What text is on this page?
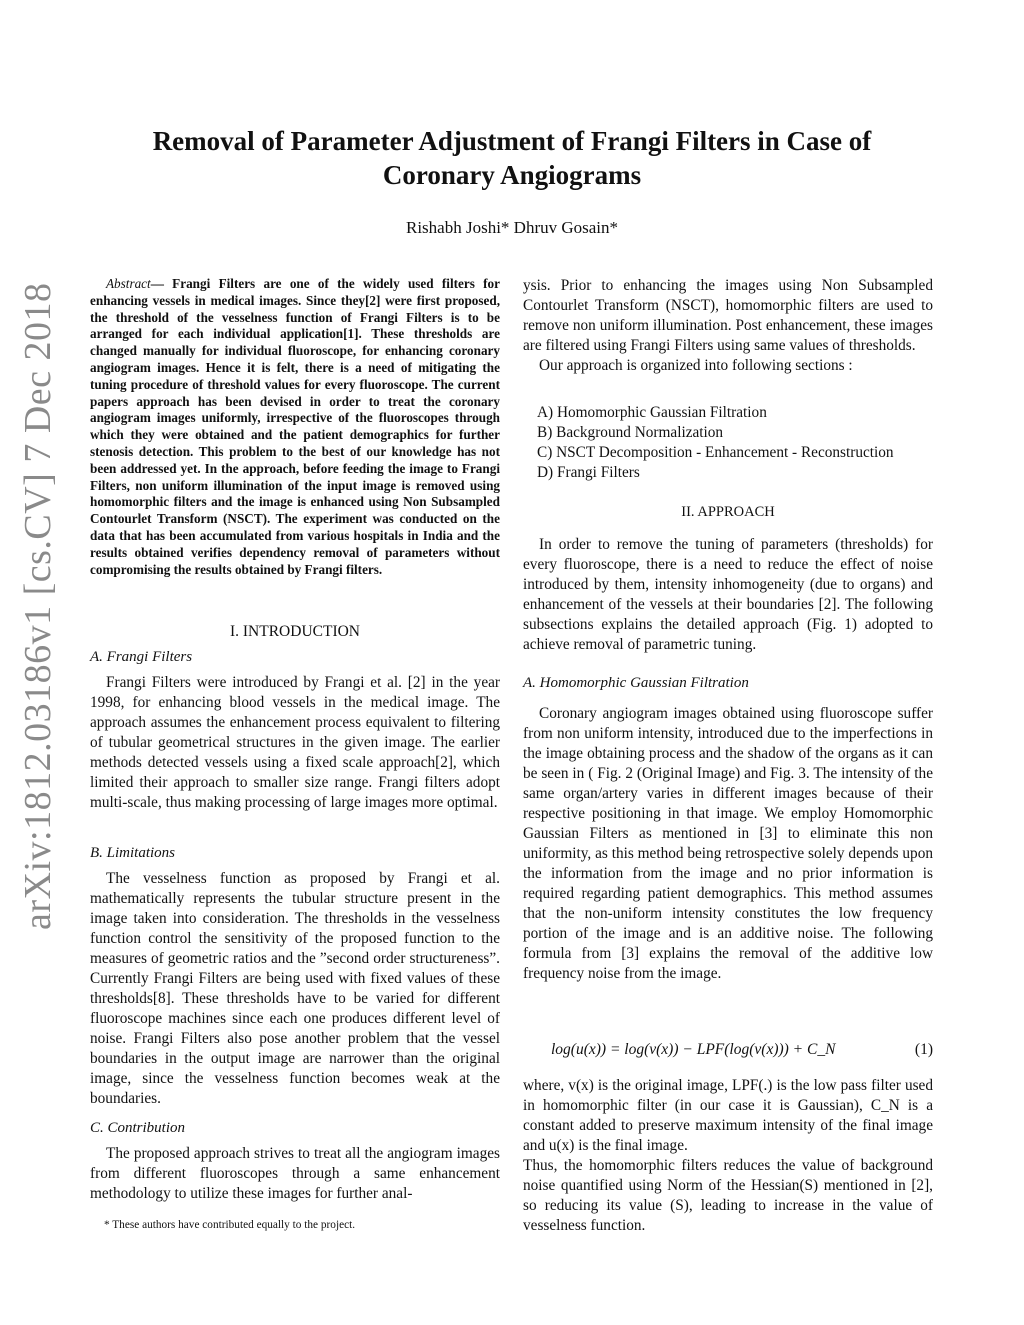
arXiv:1812.03186v1 [cs.CV] 7 Dec 2018
Removal of Parameter Adjustment of Frangi Filters in Case of
Coronary Angiograms
Rishabh Joshi* Dhruv Gosain*
Abstract— Frangi Filters are one of the widely used filters for enhancing vessels in medical images. Since they[2] were first proposed, the threshold of the vesselness function of Frangi Filters is to be arranged for each individual application[1]. These thresholds are changed manually for individual fluoroscope, for enhancing coronary angiogram images. Hence it is felt, there is a need of mitigating the tuning procedure of threshold values for every fluoroscope. The current papers approach has been devised in order to treat the coronary angiogram images uniformly, irrespective of the fluoroscopes through which they were obtained and the patient demographics for further stenosis detection. This problem to the best of our knowledge has not been addressed yet. In the approach, before feeding the image to Frangi Filters, non uniform illumination of the input image is removed using homomorphic filters and the image is enhanced using Non Subsampled Contourlet Transform (NSCT). The experiment was conducted on the data that has been accumulated from various hospitals in India and the results obtained verifies dependency removal of parameters without compromising the results obtained by Frangi filters.
I. INTRODUCTION
A. Frangi Filters

Frangi Filters were introduced by Frangi et al. [2] in the year 1998, for enhancing blood vessels in the medical image. The approach assumes the enhancement process equivalent to filtering of tubular geometrical structures in the given image. The earlier methods detected vessels using a fixed scale approach[2], which limited their approach to smaller size range. Frangi filters adopt multi-scale, thus making processing of large images more optimal.

B. Limitations

The vesselness function as proposed by Frangi et al. mathematically represents the tubular structure present in the image taken into consideration. The thresholds in the vesselness function control the sensitivity of the proposed function to the measures of geometric ratios and the ”second order structureness”. Currently Frangi Filters are being used with fixed values of these thresholds[8]. These thresholds have to be varied for different fluoroscope machines since each one produces different level of noise. Frangi Filters also pose another problem that the vessel boundaries in the output image are narrower than the original image, since the vesselness function becomes weak at the boundaries.

C. Contribution

The proposed approach strives to treat all the angiogram images from different fluoroscopes through a same enhancement methodology to utilize these images for further anal-

* These authors have contributed equally to the project.

ysis. Prior to enhancing the images using Non Subsampled Contourlet Transform (NSCT), homomorphic filters are used to remove non uniform illumination. Post enhancement, these images are filtered using Frangi Filters using same values of thresholds.

Our approach is organized into following sections :

A) Homomorphic Gaussian Filtration
B) Background Normalization
C) NSCT Decomposition - Enhancement - Reconstruction
D) Frangi Filters
II. APPROACH

In order to remove the tuning of parameters (thresholds) for every fluoroscope, there is a need to reduce the effect of noise introduced by them, intensity inhomogeneity (due to organs) and enhancement of the vessels at their boundaries [2]. The following subsections explains the detailed approach (Fig. 1) adopted to achieve removal of parametric tuning.

A. Homomorphic Gaussian Filtration

Coronary angiogram images obtained using fluoroscope suffer from non uniform intensity, introduced due to the imperfections in the image obtaining process and the shadow of the organs as it can be seen in ( Fig. 2 (Original Image) and Fig. 3. The intensity of the same organ/artery varies in different images because of their respective positioning in that image. We employ Homomorphic Gaussian Filters as mentioned in [3] to eliminate this non uniformity, as this method being retrospective solely depends upon the information from the image and no prior information is required regarding patient demographics. This method assumes that the non-uniform intensity constitutes the low frequency portion of the image and is an additive noise. The following formula from [3] explains the removal of the additive low frequency noise from the image.

log(u(x)) = log(v(x)) − LPF(log(v(x))) + C_N	(1)

where, v(x) is the original image, LPF(.) is the low pass filter used in homomorphic filter (in our case it is Gaussian), C_N is a constant added to preserve maximum intensity of the final image and u(x) is the final image.

Thus, the homomorphic filters reduces the value of background noise quantified using Norm of the Hessian(S) mentioned in [2], so reducing its value (S), leading to increase in the value of vesselness function.
